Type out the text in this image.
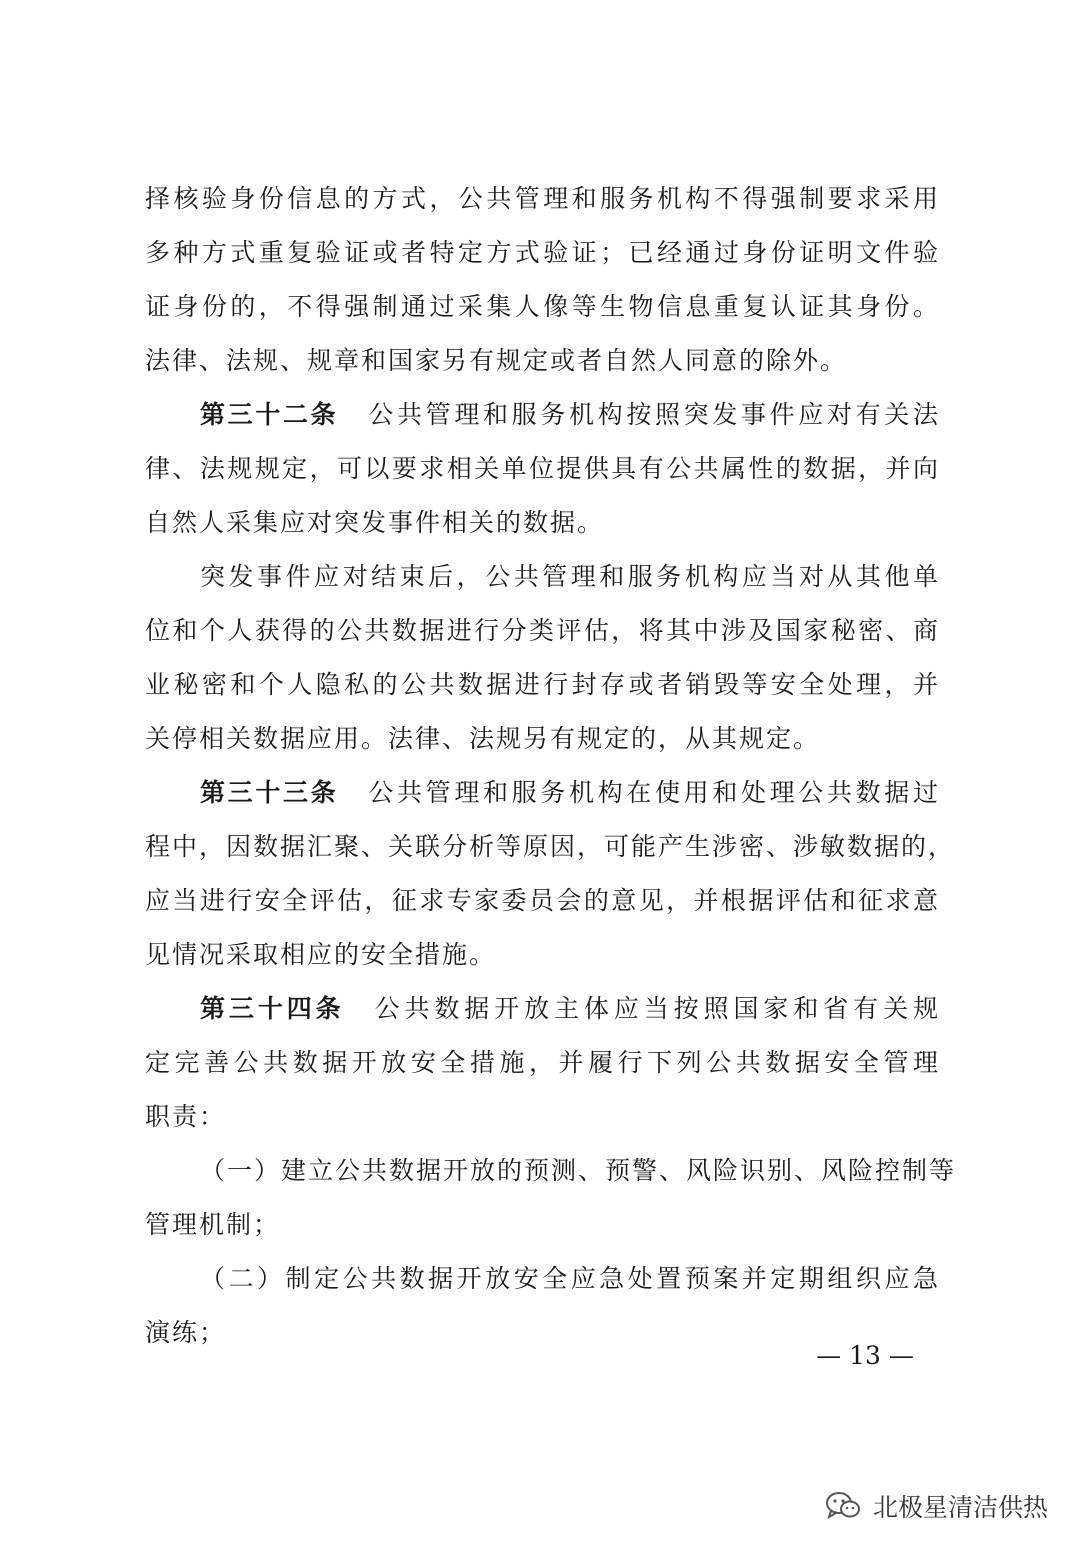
择核验身份信息的方式，公共管理和服务机构不得强制要求采用
多种方式重复验证或者特定方式验证；已经通过身份证明文件验
证身份的，不得强制通过采集人像等生物信息重复认证其身份。
法律、法规、规章和国家另有规定或者自然人同意的除外。
第三十二条 公共管理和服务机构按照突发事件应对有关法
律、法规规定，可以要求相关单位提供具有公共属性的数据，并向
自然人采集应对突发事件相关的数据。
突发事件应对结束后，公共管理和服务机构应当对从其他单
位和个人获得的公共数据进行分类评估，将其中涉及国家秘密、商
业秘密和个人隐私的公共数据进行封存或者销毁等安全处理，并
关停相关数据应用。法律、法规另有规定的，从其规定。
第三十三条 公共管理和服务机构在使用和处理公共数据过
程中，因数据汇聚、关联分析等原因，可能产生涉密、涉敏数据的，
应当进行安全评估，征求专家委员会的意见，并根据评估和征求意
见情况采取相应的安全措施。
第三十四条 公共数据开放主体应当按照国家和省有关规
定完善公共数据开放安全措施，并履行下列公共数据安全管理
职责：
（一）建立公共数据开放的预测、预警、风险识别、风险控制等
管理机制；
（二）制定公共数据开放安全应急处置预案并定期组织应急
演练；
— 13 —
北极星清洁供热
